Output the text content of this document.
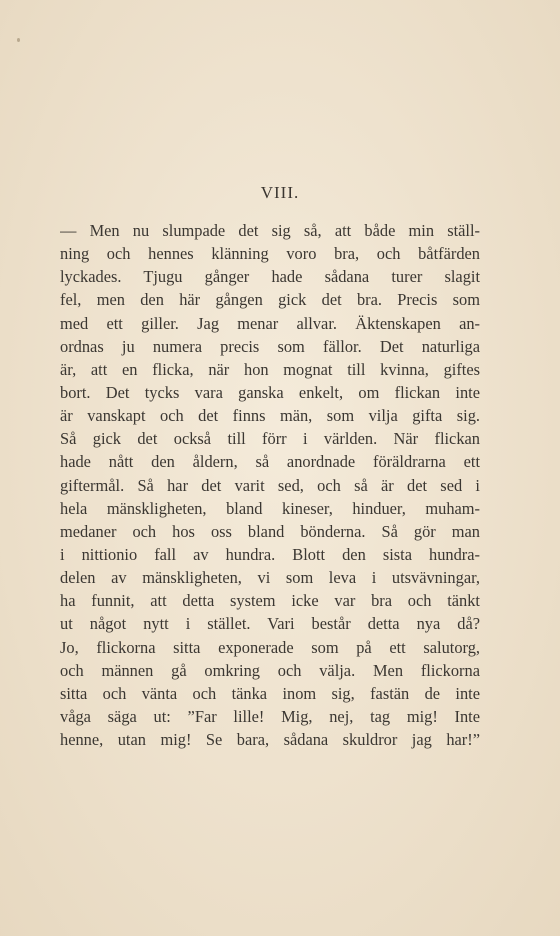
VIII.
— Men nu slumpade det sig så, att både min ställ-
ning och hennes klänning voro bra, och båtfärden
lyckades. Tjugu gånger hade sådana turer slagit
fel, men den här gången gick det bra. Precis som
med ett giller. Jag menar allvar. Äktenskapen an-
ordnas ju numera precis som fällor. Det naturliga
är, att en flicka, när hon mognat till kvinna, giftes
bort. Det tycks vara ganska enkelt, om flickan inte
är vanskapt och det finns män, som vilja gifta sig.
Så gick det också till förr i världen. När flickan
hade nått den åldern, så anordnade föräldrarna ett
giftermål. Så har det varit sed, och så är det sed i
hela mänskligheten, bland kineser, hinduer, muham-
medaner och hos oss bland bönderna. Så gör man
i nittionio fall av hundra. Blott den sista hundra-
delen av mänskligheten, vi som leva i utsvävningar,
ha funnit, att detta system icke var bra och tänkt
ut något nytt i stället. Vari består detta nya då?
Jo, flickorna sitta exponerade som på ett salutorg,
och männen gå omkring och välja. Men flickorna
sitta och vänta och tänka inom sig, fastän de inte
våga säga ut: ”Far lille! Mig, nej, tag mig! Inte
henne, utan mig! Se bara, sådana skuldror jag har!”
